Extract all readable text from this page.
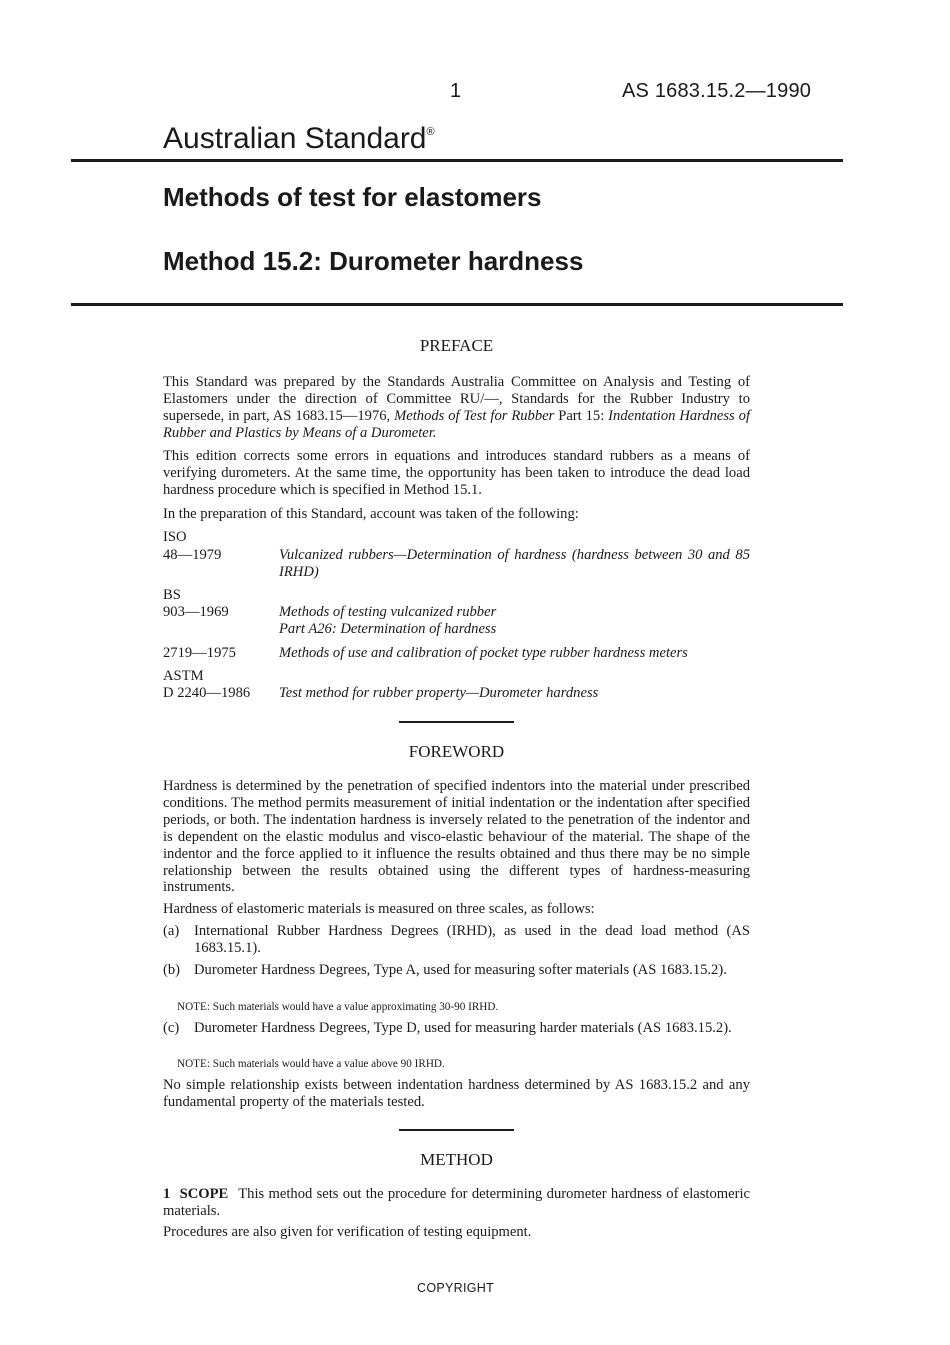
1	AS 1683.15.2—1990
Australian Standard®
Methods of test for elastomers
Method 15.2: Durometer hardness
PREFACE

This Standard was prepared by the Standards Australia Committee on Analysis and Testing of Elastomers under the direction of Committee RU/—, Standards for the Rubber Industry to supersede, in part, AS 1683.15—1976, Methods of Test for Rubber Part 15: Indentation Hardness of Rubber and Plastics by Means of a Durometer.

This edition corrects some errors in equations and introduces standard rubbers as a means of verifying durometers. At the same time, the opportunity has been taken to introduce the dead load hardness procedure which is specified in Method 15.1.

In the preparation of this Standard, account was taken of the following:

ISO
48—1979	Vulcanized rubbers—Determination of hardness (hardness between 30 and 85 IRHD)
BS
903—1969	Methods of testing vulcanized rubber
Part A26: Determination of hardness
2719—1975	Methods of use and calibration of pocket type rubber hardness meters
ASTM
D 2240—1986 Test method for rubber property—Durometer hardness
FOREWORD

Hardness is determined by the penetration of specified indentors into the material under prescribed conditions. The method permits measurement of initial indentation or the indentation after specified periods, or both. The indentation hardness is inversely related to the penetration of the indentor and is dependent on the elastic modulus and visco-elastic behaviour of the material. The shape of the indentor and the force applied to it influence the results obtained and thus there may be no simple relationship between the results obtained using the different types of hardness-measuring instruments.

Hardness of elastomeric materials is measured on three scales, as follows:

(a) International Rubber Hardness Degrees (IRHD), as used in the dead load method (AS 1683.15.1).
(b) Durometer Hardness Degrees, Type A, used for measuring softer materials (AS 1683.15.2).
NOTE: Such materials would have a value approximating 30-90 IRHD.
(c) Durometer Hardness Degrees, Type D, used for measuring harder materials (AS 1683.15.2).
NOTE: Such materials would have a value above 90 IRHD.

No simple relationship exists between indentation hardness determined by AS 1683.15.2 and any fundamental property of the materials tested.

METHOD

1 SCOPE This method sets out the procedure for determining durometer hardness of elastomeric materials.

Procedures are also given for verification of testing equipment.

COPYRIGHT
